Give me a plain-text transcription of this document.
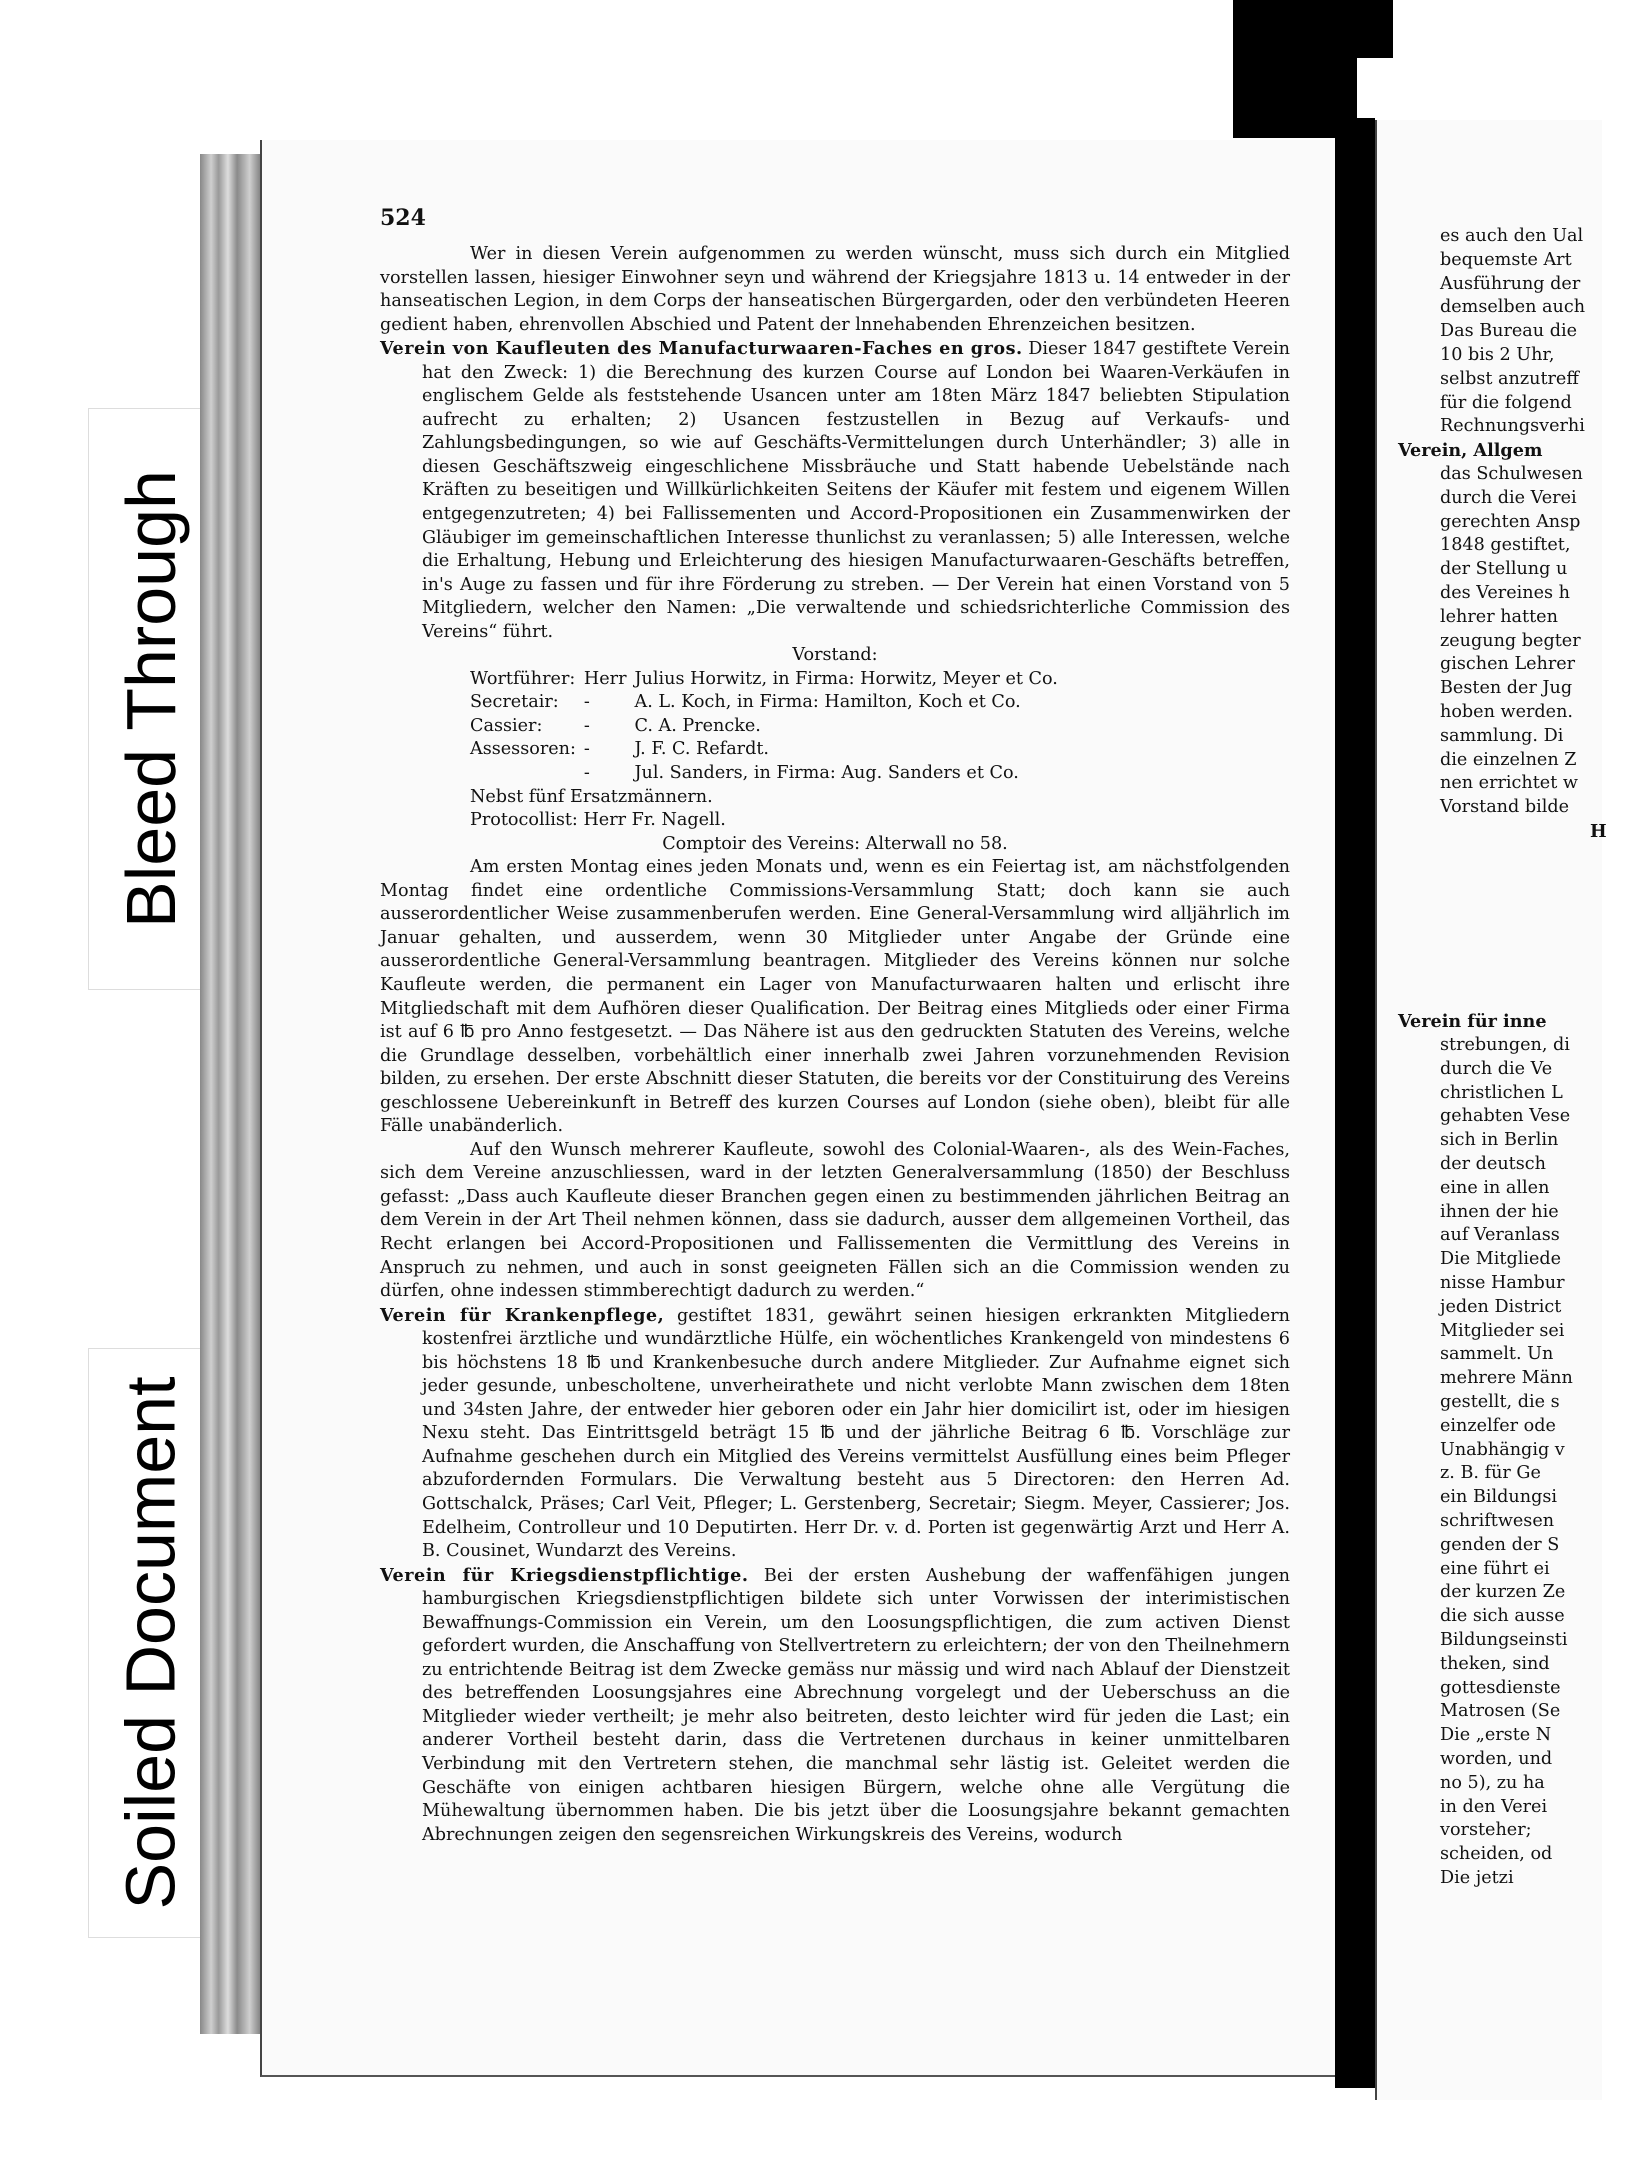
Bleed Through
Soiled Document
524

Wer in diesen Verein aufgenommen zu werden wünscht, muss sich durch ein Mitglied vorstellen lassen, hiesiger Einwohner seyn und während der Kriegsjahre 1813 u. 14 entweder in der hanseatischen Legion, in dem Corps der hanseatischen Bürgergarden, oder den verbündeten Heeren gedient haben, ehrenvollen Abschied und Patent der lnnehabenden Ehrenzeichen besitzen.

Verein von Kaufleuten des Manufacturwaaren-Faches en gros. Dieser 1847 gestiftete Verein hat den Zweck: 1) die Berechnung des kurzen Course auf London bei Waaren-Verkäufen in englischem Gelde als feststehende Usancen unter am 18ten März 1847 beliebten Stipulation aufrecht zu erhalten; 2) Usancen festzustellen in Bezug auf Verkaufs- und Zahlungsbedingungen, so wie auf Geschäfts-Vermittelungen durch Unterhändler; 3) alle in diesen Geschäftszweig eingeschlichene Missbräuche und Statt habende Uebelstände nach Kräften zu beseitigen und Willkürlichkeiten Seitens der Käufer mit festem und eigenem Willen entgegenzutreten; 4) bei Fallissementen und Accord-Propositionen ein Zusammenwirken der Gläubiger im gemeinschaftlichen Interesse thunlichst zu veranlassen; 5) alle Interessen, welche die Erhaltung, Hebung und Erleichterung des hiesigen Manufacturwaaren-Geschäfts betreffen, in's Auge zu fassen und für ihre Förderung zu streben. — Der Verein hat einen Vorstand von 5 Mitgliedern, welcher den Namen: „Die verwaltende und schiedsrichterliche Commission des Vereins“ führt.

Vorstand:

Wortführer:	Herr	Julius Horwitz, in Firma: Horwitz, Meyer et Co.
Secretair:	-	A. L. Koch, in Firma: Hamilton, Koch et Co.
Cassier:	-	C. A. Prencke.
Assessoren:	-	J. F. C. Refardt.
	-	Jul. Sanders, in Firma: Aug. Sanders et Co.

Nebst fünf Ersatzmännern.

Protocollist: Herr Fr. Nagell.

Comptoir des Vereins: Alterwall no 58.

Am ersten Montag eines jeden Monats und, wenn es ein Feiertag ist, am nächstfolgenden Montag findet eine ordentliche Commissions-Versammlung Statt; doch kann sie auch ausserordentlicher Weise zusammenberufen werden. Eine General-Versammlung wird alljährlich im Januar gehalten, und ausserdem, wenn 30 Mitglieder unter Angabe der Gründe eine ausserordentliche General-Versammlung beantragen. Mitglieder des Vereins können nur solche Kaufleute werden, die permanent ein Lager von Manufacturwaaren halten und erlischt ihre Mitgliedschaft mit dem Aufhören dieser Qualification. Der Beitrag eines Mitglieds oder einer Firma ist auf 6 ℔ pro Anno festgesetzt. — Das Nähere ist aus den gedruckten Statuten des Vereins, welche die Grundlage desselben, vorbehältlich einer innerhalb zwei Jahren vorzunehmenden Revision bilden, zu ersehen. Der erste Abschnitt dieser Statuten, die bereits vor der Constituirung des Vereins geschlossene Uebereinkunft in Betreff des kurzen Courses auf London (siehe oben), bleibt für alle Fälle unabänderlich.

Auf den Wunsch mehrerer Kaufleute, sowohl des Colonial-Waaren-, als des Wein-Faches, sich dem Vereine anzuschliessen, ward in der letzten Generalversammlung (1850) der Beschluss gefasst: „Dass auch Kaufleute dieser Branchen gegen einen zu bestimmenden jährlichen Beitrag an dem Verein in der Art Theil nehmen können, dass sie dadurch, ausser dem allgemeinen Vortheil, das Recht erlangen bei Accord-Propositionen und Fallissementen die Vermittlung des Vereins in Anspruch zu nehmen, und auch in sonst geeigneten Fällen sich an die Commission wenden zu dürfen, ohne indessen stimmberechtigt dadurch zu werden.“

Verein für Krankenpflege, gestiftet 1831, gewährt seinen hiesigen erkrankten Mitgliedern kostenfrei ärztliche und wundärztliche Hülfe, ein wöchentliches Krankengeld von mindestens 6 bis höchstens 18 ℔ und Krankenbesuche durch andere Mitglieder. Zur Aufnahme eignet sich jeder gesunde, unbescholtene, unverheirathete und nicht verlobte Mann zwischen dem 18ten und 34sten Jahre, der entweder hier geboren oder ein Jahr hier domicilirt ist, oder im hiesigen Nexu steht. Das Eintrittsgeld beträgt 15 ℔ und der jährliche Beitrag 6 ℔. Vorschläge zur Aufnahme geschehen durch ein Mitglied des Vereins vermittelst Ausfüllung eines beim Pfleger abzufordernden Formulars. Die Verwaltung besteht aus 5 Directoren: den Herren Ad. Gottschalck, Präses; Carl Veit, Pfleger; L. Gerstenberg, Secretair; Siegm. Meyer, Cassierer; Jos. Edelheim, Controlleur und 10 Deputirten. Herr Dr. v. d. Porten ist gegenwärtig Arzt und Herr A. B. Cousinet, Wundarzt des Vereins.

Verein für Kriegsdienstpflichtige. Bei der ersten Aushebung der waffenfähigen jungen hamburgischen Kriegsdienstpflichtigen bildete sich unter Vorwissen der interimistischen Bewaffnungs-Commission ein Verein, um den Loosungspflichtigen, die zum activen Dienst gefordert wurden, die Anschaffung von Stellvertretern zu erleichtern; der von den Theilnehmern zu entrichtende Beitrag ist dem Zwecke gemäss nur mässig und wird nach Ablauf der Dienstzeit des betreffenden Loosungsjahres eine Abrechnung vorgelegt und der Ueberschuss an die Mitglieder wieder vertheilt; je mehr also beitreten, desto leichter wird für jeden die Last; ein anderer Vortheil besteht darin, dass die Vertretenen durchaus in keiner unmittelbaren Verbindung mit den Vertretern stehen, die manchmal sehr lästig ist. Geleitet werden die Geschäfte von einigen achtbaren hiesigen Bürgern, welche ohne alle Vergütung die Mühewaltung übernommen haben. Die bis jetzt über die Loosungsjahre bekannt gemachten Abrechnungen zeigen den segensreichen Wirkungskreis des Vereins, wodurch

es auch den Ual
bequemste Art
Ausführung der
demselben auch
Das Bureau die
10 bis 2 Uhr,
selbst anzutreff
für die folgend
Rechnungsverhi
Verein, Allgem
das Schulwesen
durch die Verei
gerechten Ansp
1848 gestiftet,
der Stellung u
des Vereines h
lehrer hatten
zeugung begter
gischen Lehrer
Besten der Jug
hoben werden.
sammlung. Di
die einzelnen Z
nen errichtet w
Vorstand bilde
H

Verein für inne
strebungen, di
durch die Ve
christlichen L
gehabten Vese
sich in Berlin
der deutsch
eine in allen
ihnen der hie
auf Veranlass
Die Mitgliede
nisse Hambur
jeden District
Mitglieder sei
sammelt. Un
mehrere Männ
gestellt, die s
einzelfer ode
Unabhängig v
z. B. für Ge
ein Bildungsi
schriftwesen
genden der S
eine führt ei
der kurzen Ze
die sich ausse
Bildungseinsti
theken, sind
gottesdienste
Matrosen (Se
Die „erste N
worden, und
no 5), zu ha
in den Verei
vorsteher;
scheiden, od
Die jetzi
